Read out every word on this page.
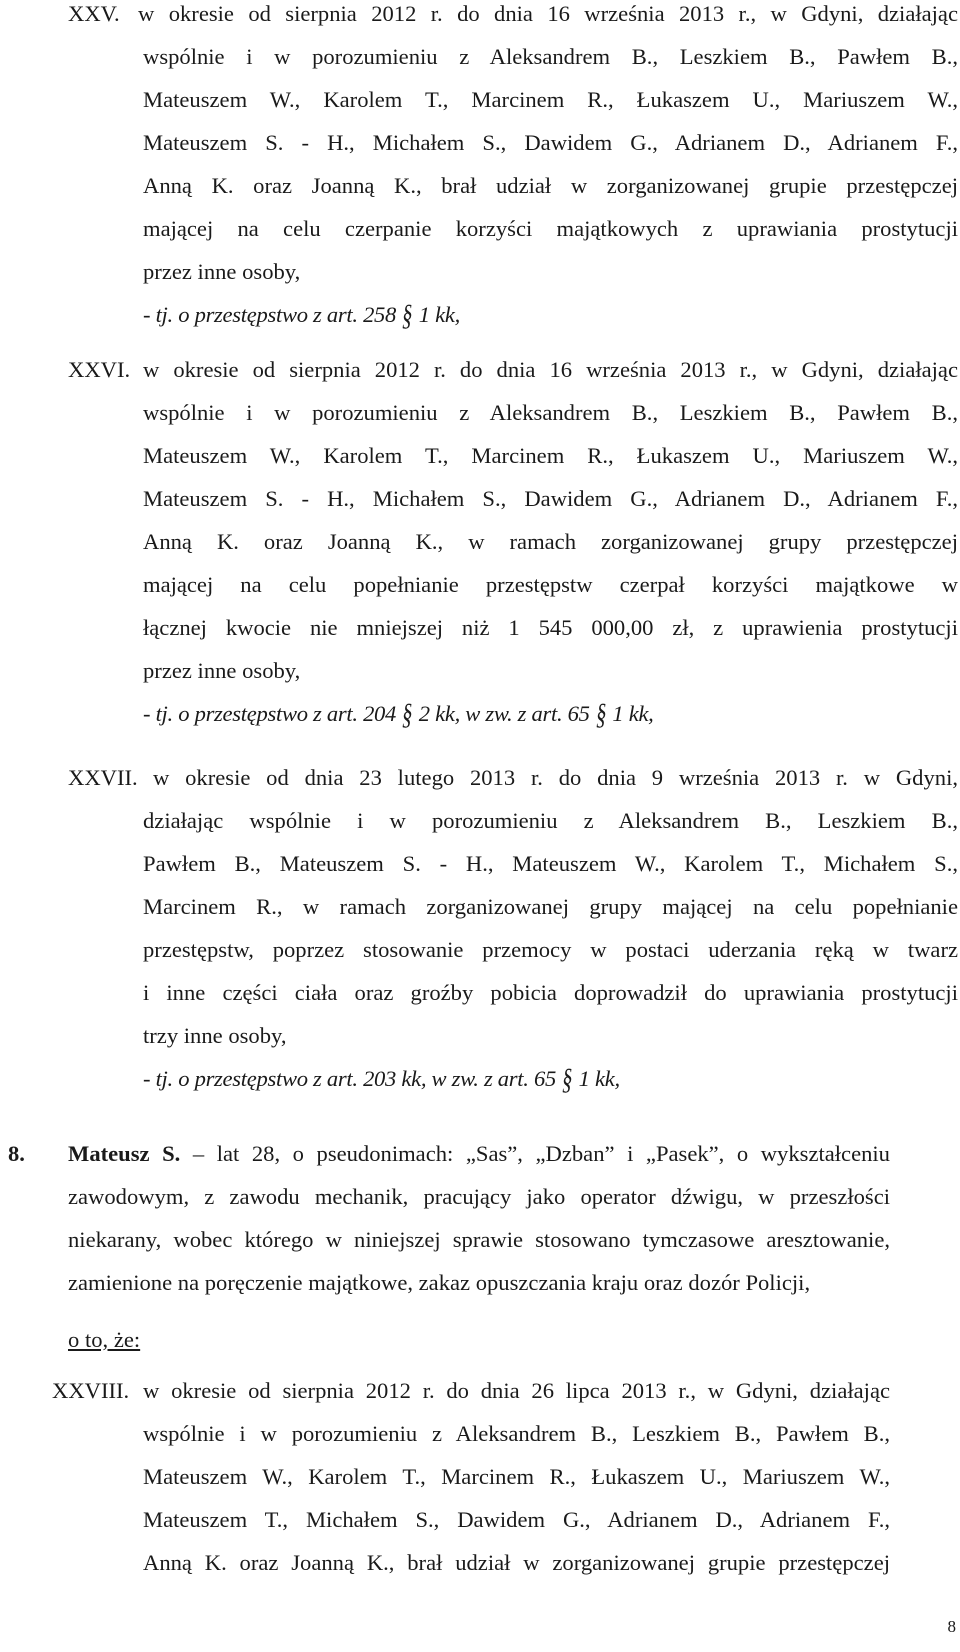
XXV. w okresie od sierpnia 2012 r. do dnia 16 września 2013 r., w Gdyni, działając
wspólnie i w porozumieniu z Aleksandrem B., Leszkiem B., Pawłem B.,
Mateuszem W., Karolem T., Marcinem R., Łukaszem U., Mariuszem W.,
Mateuszem S. - H., Michałem S., Dawidem G., Adrianem D., Adrianem F.,
Anną K. oraz Joanną K., brał udział w zorganizowanej grupie przestępczej
mającej na celu czerpanie korzyści majątkowych z uprawiania prostytucji
przez inne osoby,
- tj. o przestępstwo z art. 258 § 1 kk,
XXVI. w okresie od sierpnia 2012 r. do dnia 16 września 2013 r., w Gdyni, działając
wspólnie i w porozumieniu z Aleksandrem B., Leszkiem B., Pawłem B.,
Mateuszem W., Karolem T., Marcinem R., Łukaszem U., Mariuszem W.,
Mateuszem S. - H., Michałem S., Dawidem G., Adrianem D., Adrianem F.,
Anną K. oraz Joanną K., w ramach zorganizowanej grupy przestępczej
mającej na celu popełnianie przestępstw czerpał korzyści majątkowe w
łącznej kwocie nie mniejszej niż 1 545 000,00 zł, z uprawienia prostytucji
przez inne osoby,
- tj. o przestępstwo z art. 204 § 2 kk, w zw. z art. 65 § 1 kk,
XXVII. w okresie od dnia 23 lutego 2013 r. do dnia 9 września 2013 r. w Gdyni,
działając wspólnie i w porozumieniu z Aleksandrem B., Leszkiem B.,
Pawłem B., Mateuszem S. - H., Mateuszem W., Karolem T., Michałem S.,
Marcinem R., w ramach zorganizowanej grupy mającej na celu popełnianie
przestępstw, poprzez stosowanie przemocy w postaci uderzania ręką w twarz
i inne części ciała oraz groźby pobicia doprowadził do uprawiania prostytucji
trzy inne osoby,
- tj. o przestępstwo z art. 203 kk, w zw. z art. 65 § 1 kk,
8. Mateusz S. – lat 28, o pseudonimach: „Sas”, „Dzban” i „Pasek”, o wykształceniu
zawodowym, z zawodu mechanik, pracujący jako operator dźwigu, w przeszłości
niekarany, wobec którego w niniejszej sprawie stosowano tymczasowe aresztowanie,
zamienione na poręczenie majątkowe, zakaz opuszczania kraju oraz dozór Policji,
o to, że:
XXVIII. w okresie od sierpnia 2012 r. do dnia 26 lipca 2013 r., w Gdyni, działając
wspólnie i w porozumieniu z Aleksandrem B., Leszkiem B., Pawłem B.,
Mateuszem W., Karolem T., Marcinem R., Łukaszem U., Mariuszem W.,
Mateuszem T., Michałem S., Dawidem G., Adrianem D., Adrianem F.,
Anną K. oraz Joanną K., brał udział w zorganizowanej grupie przestępczej
8
